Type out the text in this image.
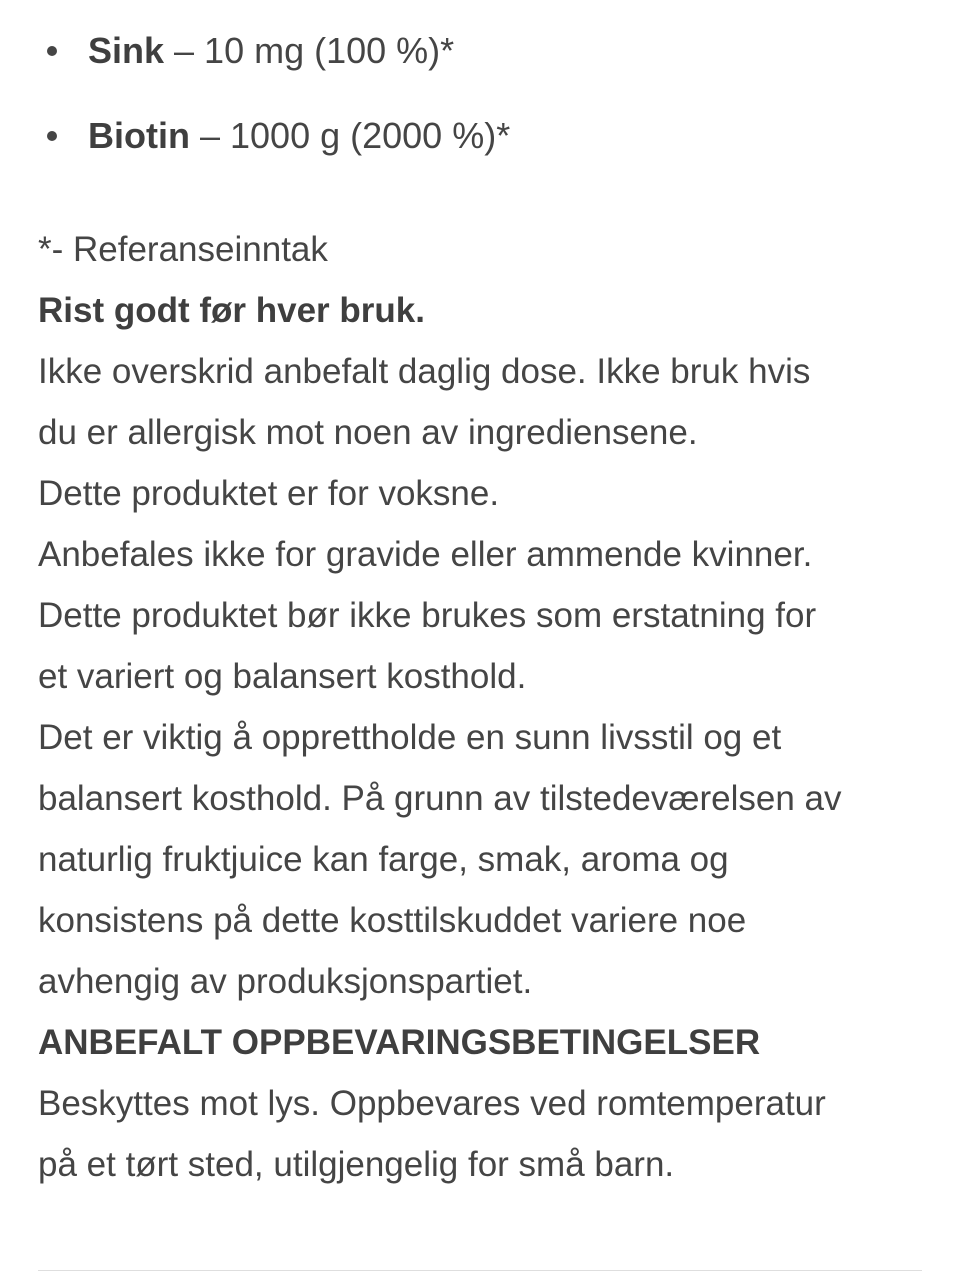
Sink – 10 mg (100 %)*
Biotin – 1000 g (2000 %)*
*- Referanseinntak
Rist godt før hver bruk.
Ikke overskrid anbefalt daglig dose. Ikke bruk hvis
du er allergisk mot noen av ingrediensene.
Dette produktet er for voksne.
Anbefales ikke for gravide eller ammende kvinner.
Dette produktet bør ikke brukes som erstatning for
et variert og balansert kosthold.
Det er viktig å opprettholde en sunn livsstil og et
balansert kosthold. På grunn av tilstedeværelsen av
naturlig fruktjuice kan farge, smak, aroma og
konsistens på dette kosttilskuddet variere noe
avhengig av produksjonspartiet.
ANBEFALT OPPBEVARINGSBETINGELSER
Beskyttes mot lys. Oppbevares ved romtemperatur
på et tørt sted, utilgjengelig for små barn.
